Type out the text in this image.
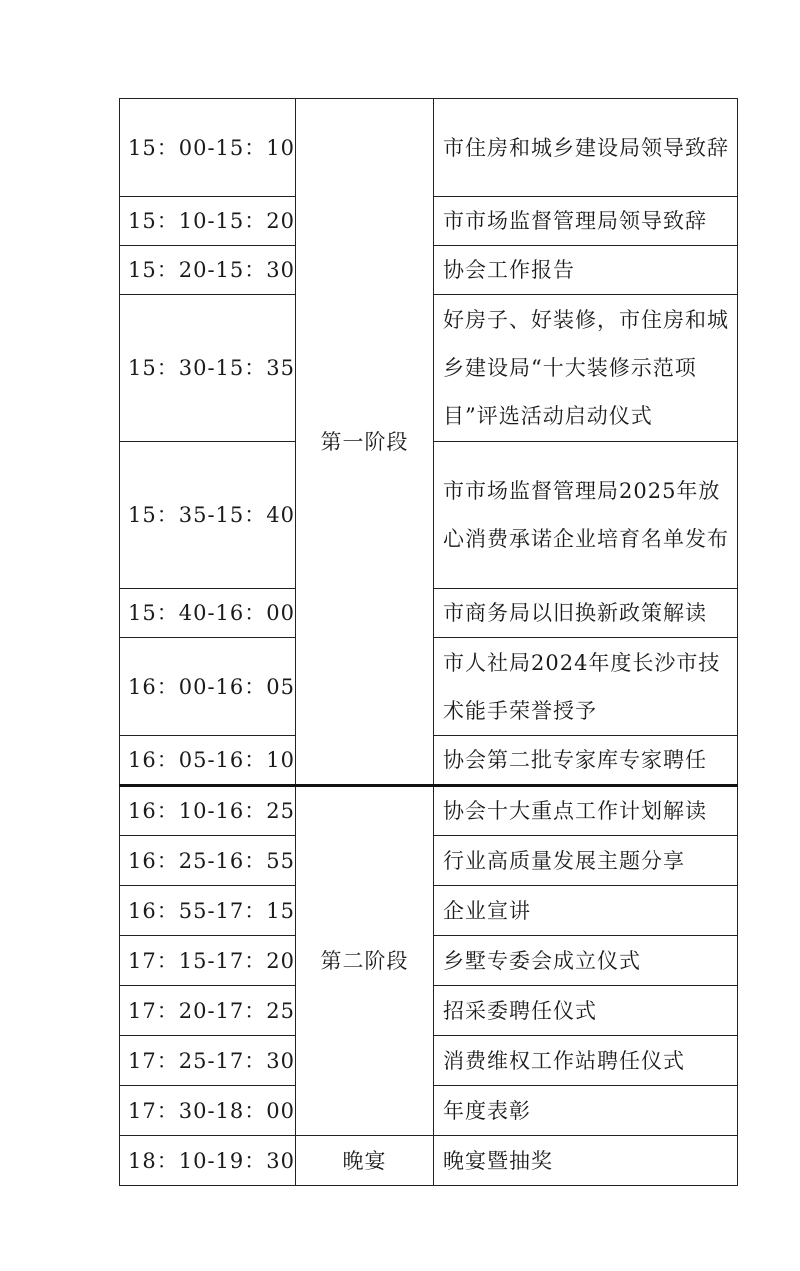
15：00-15：10	第一阶段	市住房和城乡建设局领导致辞
15：10-15：20		市市场监督管理局领导致辞
15：20-15：30		协会工作报告
15：30-15：35		好房子、好装修，市住房和城乡建设局“十大装修示范项目”评选活动启动仪式
15：35-15：40		市市场监督管理局2025年放心消费承诺企业培育名单发布
15：40-16：00		市商务局以旧换新政策解读
16：00-16：05		市人社局2024年度长沙市技术能手荣誉授予
16：05-16：10		协会第二批专家库专家聘任
16：10-16：25	第二阶段	协会十大重点工作计划解读
16：25-16：55		行业高质量发展主题分享
16：55-17：15		企业宣讲
17：15-17：20		乡墅专委会成立仪式
17：20-17：25		招采委聘任仪式
17：25-17：30		消费维权工作站聘任仪式
17：30-18：00		年度表彰
18：10-19：30	晚宴	晚宴暨抽奖
